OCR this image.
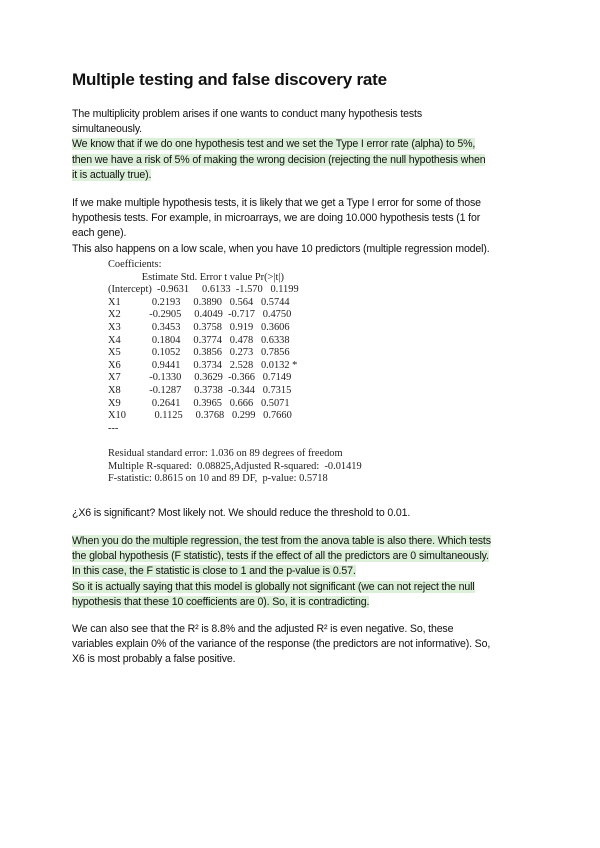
Multiple testing and false discovery rate
The multiplicity problem arises if one wants to conduct many hypothesis tests
simultaneously.
We know that if we do one hypothesis test and we set the Type I error rate (alpha) to 5%,
then we have a risk of 5% of making the wrong decision (rejecting the null hypothesis when
it is actually true).
If we make multiple hypothesis tests, it is likely that we get a Type I error for some of those
hypothesis tests. For example, in microarrays, we are doing 10.000 hypothesis tests (1 for
each gene).
This also happens on a low scale, when you have 10 predictors (multiple regression model).
Coefficients:
Estimate Std. Error t value Pr(>|t|)
(Intercept)  -0.9631     0.6133  -1.570   0.1199
X1            0.2193     0.3890   0.564   0.5744
X2           -0.2905     0.4049  -0.717   0.4750
X3            0.3453     0.3758   0.919   0.3606
X4            0.1804     0.3774   0.478   0.6338
X5            0.1052     0.3856   0.273   0.7856
X6            0.9441     0.3734   2.528   0.0132 *
X7           -0.1330     0.3629  -0.366   0.7149
X8           -0.1287     0.3738  -0.344   0.7315
X9            0.2641     0.3965   0.666   0.5071
X10           0.1125     0.3768   0.299   0.7660
---

Residual standard error: 1.036 on 89 degrees of freedom
Multiple R-squared:  0.08825,Adjusted R-squared:  -0.01419
F-statistic: 0.8615 on 10 and 89 DF,  p-value: 0.5718
¿X6 is significant? Most likely not. We should reduce the threshold to 0.01.
When you do the multiple regression, the test from the anova table is also there. Which tests
the global hypothesis (F statistic), tests if the effect of all the predictors are 0 simultaneously.
In this case, the F statistic is close to 1 and the p-value is 0.57.
So it is actually saying that this model is globally not significant (we can not reject the null
hypothesis that these 10 coefficients are 0). So, it is contradicting.
We can also see that the R² is 8.8% and the adjusted R² is even negative. So, these
variables explain 0% of the variance of the response (the predictors are not informative). So,
X6 is most probably a false positive.
